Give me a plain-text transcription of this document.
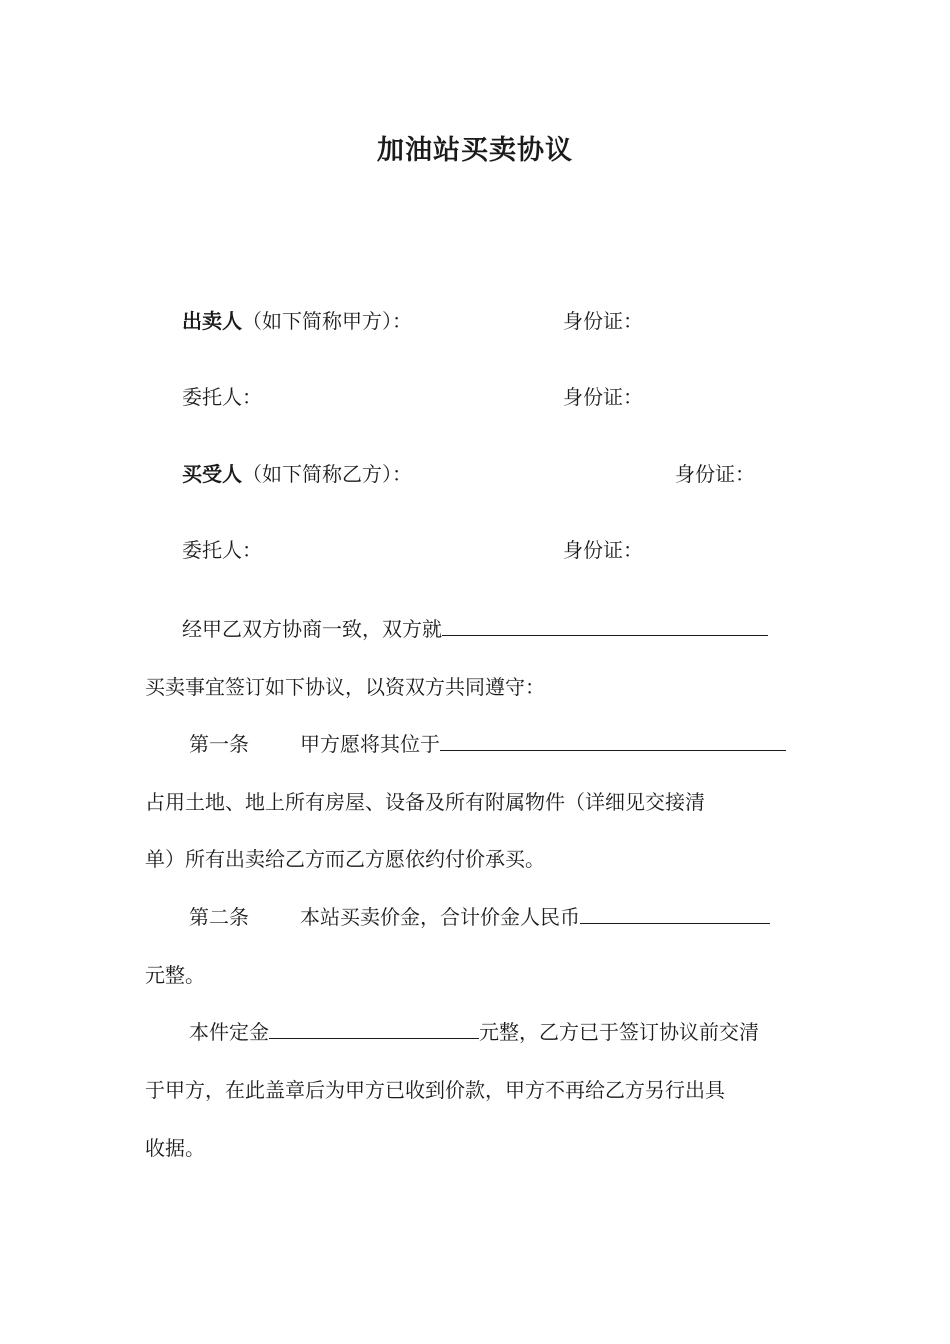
加油站买卖协议
出卖人（如下简称甲方）：	身份证：
委托人：	身份证：
买受人（如下简称乙方）：	身份证：
委托人：	身份证：
经甲乙双方协商一致，双方就
买卖事宜签订如下协议，以资双方共同遵守：
第一条	甲方愿将其位于
占用土地、地上所有房屋、设备及所有附属物件（详细见交接清
单）所有出卖给乙方而乙方愿依约付价承买。
第二条	本站买卖价金，合计价金人民币
元整。
本件定金	元整，乙方已于签订协议前交清
于甲方，在此盖章后为甲方已收到价款，甲方不再给乙方另行出具
收据。
